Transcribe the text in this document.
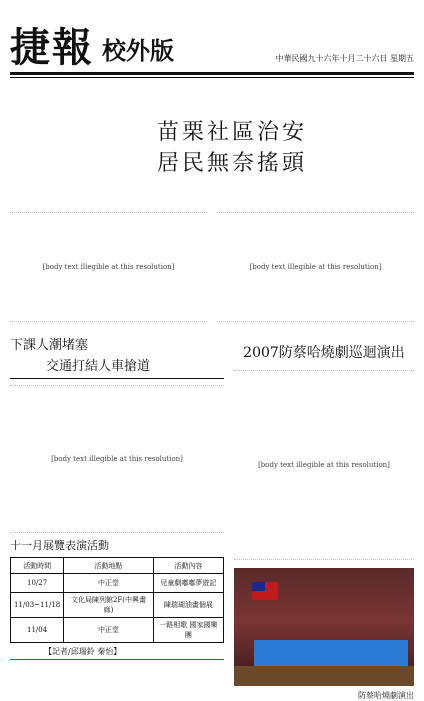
捷報 校外版	中華民國九十六年十月二十六日 星期五

苗栗社區治安
居民無奈搖頭

[body text illegible at this resolution]	[body text illegible at this resolution]
下課人潮堵塞
交通打結人車搶道
[body text illegible at this resolution]
十一月展覽表演活動
活動時間	活動地點	活動內容
10/27	中正堂	兒童劇嘟嘟夢遊記
11/03~11/18	文化局陳列館2F(中興畫廊)	陳瑞瑚油畫個展
11/04	中正堂	一路相歌 國家國樂團
【記者/邱瑞鈴 秦怡】
2007防蔡哈燒劇巡迴演出
[body text illegible at this resolution]
防蔡哈燒劇演出
